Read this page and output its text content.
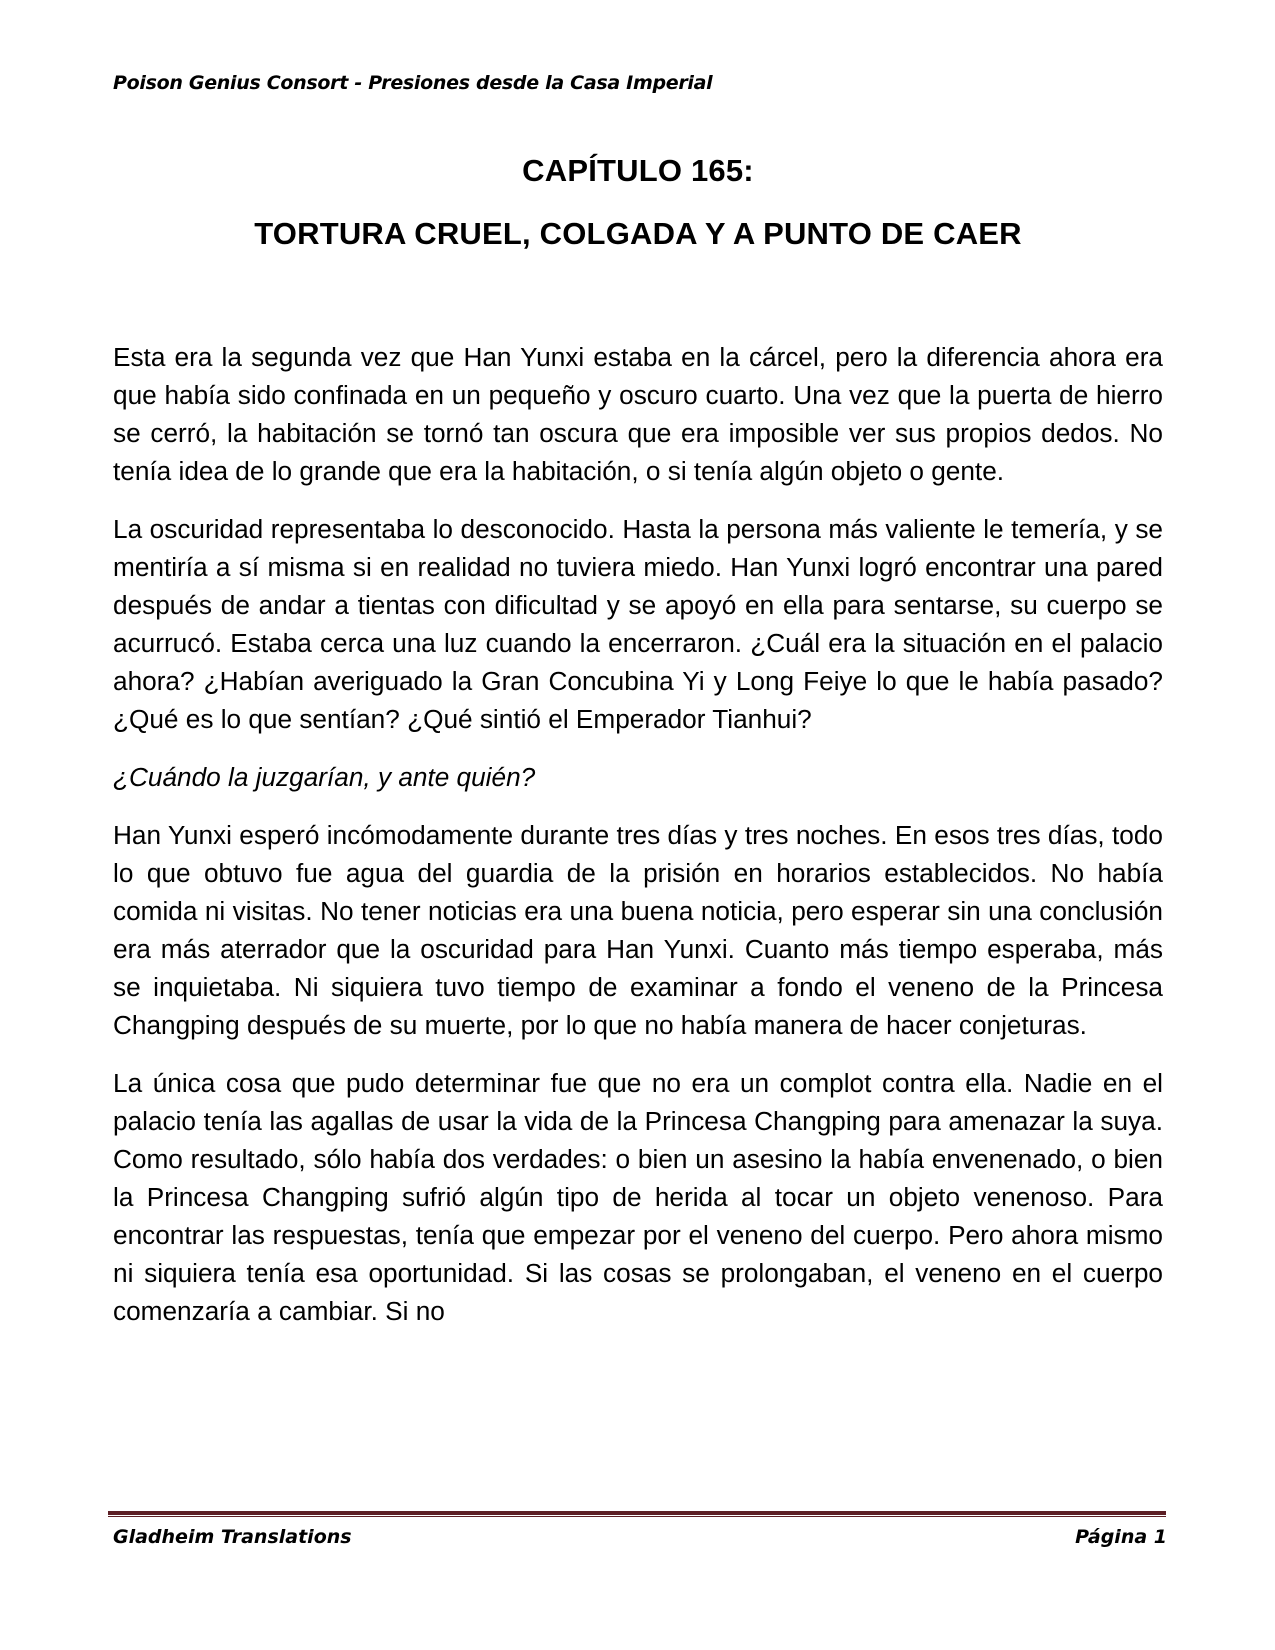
Poison Genius Consort - Presiones desde la Casa Imperial
CAPÍTULO 165:
TORTURA CRUEL, COLGADA Y A PUNTO DE CAER

Esta era la segunda vez que Han Yunxi estaba en la cárcel, pero la diferencia ahora era que había sido confinada en un pequeño y oscuro cuarto. Una vez que la puerta de hierro se cerró, la habitación se tornó tan oscura que era imposible ver sus propios dedos. No tenía idea de lo grande que era la habitación, o si tenía algún objeto o gente.

La oscuridad representaba lo desconocido. Hasta la persona más valiente le temería, y se mentiría a sí misma si en realidad no tuviera miedo. Han Yunxi logró encontrar una pared después de andar a tientas con dificultad y se apoyó en ella para sentarse, su cuerpo se acurrucó. Estaba cerca una luz cuando la encerraron. ¿Cuál era la situación en el palacio ahora? ¿Habían averiguado la Gran Concubina Yi y Long Feiye lo que le había pasado? ¿Qué es lo que sentían? ¿Qué sintió el Emperador Tianhui?

¿Cuándo la juzgarían, y ante quién?

Han Yunxi esperó incómodamente durante tres días y tres noches. En esos tres días, todo lo que obtuvo fue agua del guardia de la prisión en horarios establecidos. No había comida ni visitas. No tener noticias era una buena noticia, pero esperar sin una conclusión era más aterrador que la oscuridad para Han Yunxi. Cuanto más tiempo esperaba, más se inquietaba. Ni siquiera tuvo tiempo de examinar a fondo el veneno de la Princesa Changping después de su muerte, por lo que no había manera de hacer conjeturas.

La única cosa que pudo determinar fue que no era un complot contra ella. Nadie en el palacio tenía las agallas de usar la vida de la Princesa Changping para amenazar la suya. Como resultado, sólo había dos verdades: o bien un asesino la había envenenado, o bien la Princesa Changping sufrió algún tipo de herida al tocar un objeto venenoso. Para encontrar las respuestas, tenía que empezar por el veneno del cuerpo. Pero ahora mismo ni siquiera tenía esa oportunidad. Si las cosas se prolongaban, el veneno en el cuerpo comenzaría a cambiar. Si no

Gladheim Translations	Página 1
